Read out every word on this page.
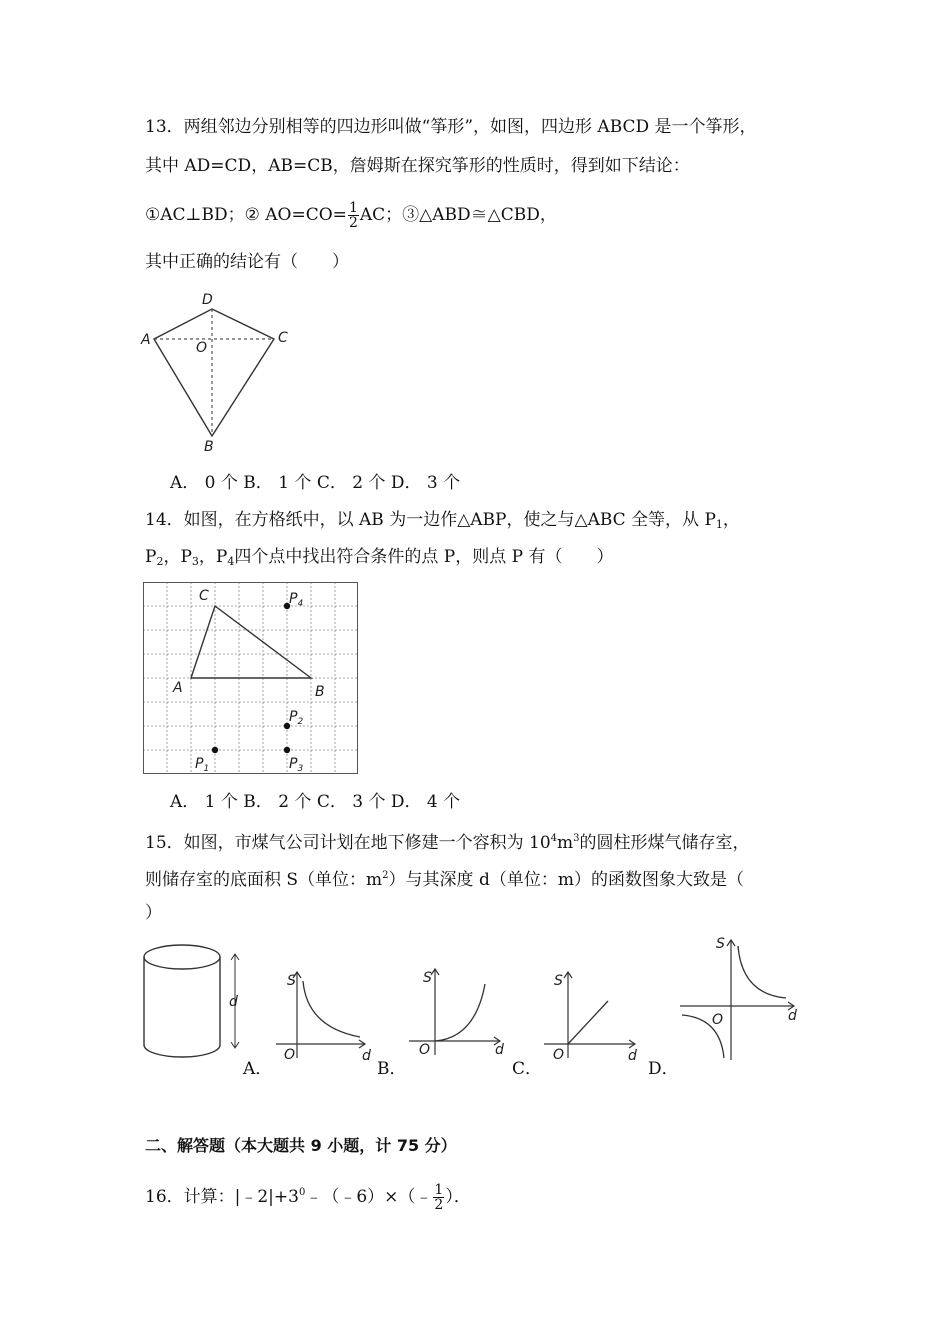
13．两组邻边分别相等的四边形叫做“筝形”，如图，四边形 ABCD 是一个筝形，
其中 AD=CD，AB=CB，詹姆斯在探究筝形的性质时，得到如下结论：
①AC⊥BD；② $AO=CO= \frac{1}{2}$ AC；③△ABD≅△CBD，
其中正确的结论有（　　）
D
A	C
O
B
A． 0 个 B． 1 个 C． 2 个 D． 3 个
14．如图，在方格纸中，以 AB 为一边作△ABP，使之与△ABC 全等，从 $P_1$，
$P_2$，$P_3$，$P_4$四个点中找出符合条件的点 P，则点 P 有（　　）
C
A	B
$P_4$
$P_2$
$P_3$
$P_1$
A． 1 个 B． 2 个 C． 3 个 D． 4 个
15．如图，市煤气公司计划在地下修建一个容积为 $10^4m^3$的圆柱形煤气储存室，
则储存室的底面积 S（单位：$m^2$）与其深度 d（单位：m）的函数图象大致是（
）
d
A．
S
O	d
B．
S
O	d
C．
S
O	d
D．
S
O	d
二、解答题（本大题共 9 小题，计 75 分）
16．计算：$|﹣2|+3^0﹣(﹣6)\times(﹣ \frac{1}{2}$ ）．
